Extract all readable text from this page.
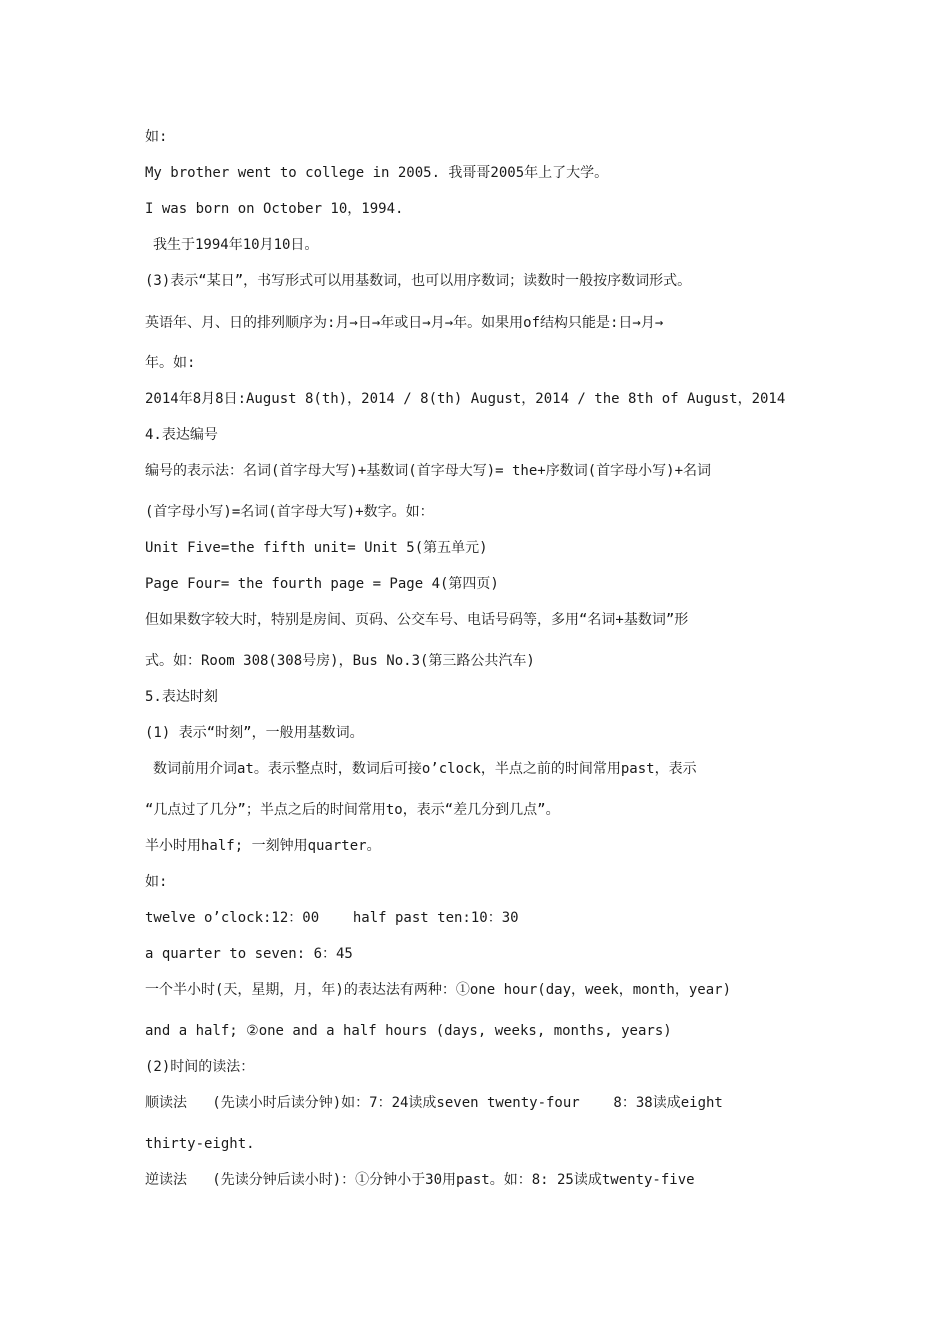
如:
My brother went to college in 2005. 我哥哥2005年上了大学。
I was born on October 10，1994.
我生于1994年10月10日。
(3)表示“某日”，书写形式可以用基数词，也可以用序数词；读数时一般按序数词形式。
英语年、月、日的排列顺序为:月→日→年或日→月→年。如果用of结构只能是:日→月→
年。如:
2014年8月8日:August 8(th)，2014 / 8(th) August，2014 / the 8th of August，2014
4.表达编号
编号的表示法：名词(首字母大写)+基数词(首字母大写)= the+序数词(首字母小写)+名词
(首字母小写)=名词(首字母大写)+数字。如：
Unit Five=the fifth unit= Unit 5(第五单元)
Page Four= the fourth page = Page 4(第四页)
但如果数字较大时，特别是房间、页码、公交车号、电话号码等，多用“名词+基数词”形
式。如：Room 308(308号房)，Bus No.3(第三路公共汽车)
5.表达时刻
(1) 表示“时刻”，一般用基数词。
数词前用介词at。表示整点时，数词后可接o’clock，半点之前的时间常用past，表示
“几点过了几分”；半点之后的时间常用to，表示“差几分到几点”。
半小时用half; 一刻钟用quarter。
如:
twelve o’clock:12：00    half past ten:10：30
a quarter to seven: 6：45
一个半小时(天，星期，月，年)的表达法有两种：①one hour(day，week，month，year)
and a half; ②one and a half hours (days, weeks, months, years)
(2)时间的读法：
顺读法   (先读小时后读分钟)如：7：24读成seven twenty-four    8：38读成eight
thirty-eight.
逆读法   (先读分钟后读小时)：①分钟小于30用past。如：8: 25读成twenty-five
